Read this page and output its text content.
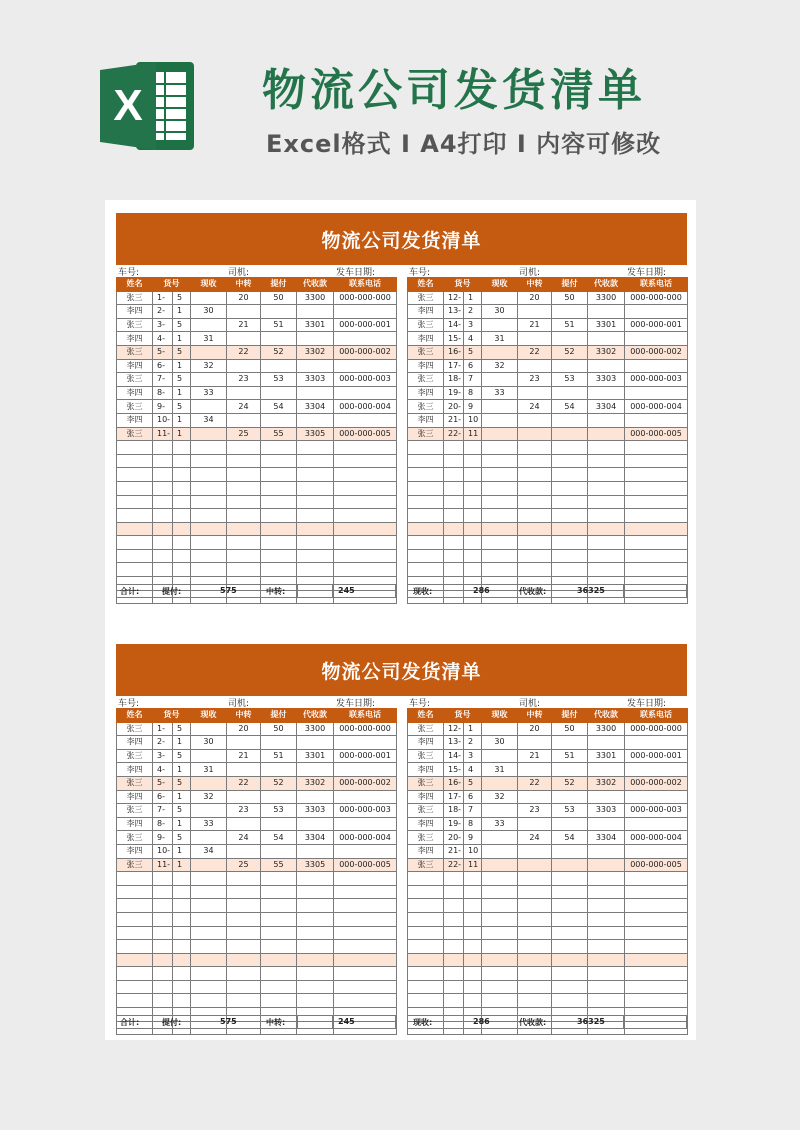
X	物流公司发货清单
Excel格式 I A4打印 I 内容可修改
物流公司发货清单
车号:	司机:	发车日期:
姓名	货号		现收	中转	提付	代收款	联系电话
张三	1-	5		20	50	3300	000-000-000
李四	2-	1	30				
张三	3-	5		21	51	3301	000-000-001
李四	4-	1	31				
张三	5-	5		22	52	3302	000-000-002
李四	6-	1	32				
张三	7-	5		23	53	3303	000-000-003
李四	8-	1	33				
张三	9-	5		24	54	3304	000-000-004
李四	10-	1	34				
张三	11-	1		25	55	3305	000-000-005

合计:	提付:	575	中转:	245
车号:	司机:	发车日期:
姓名	货号		现收	中转	提付	代收款	联系电话
张三	12-	1		20	50	3300	000-000-000
李四	13-	2	30				
张三	14-	3		21	51	3301	000-000-001
李四	15-	4	31				
张三	16-	5		22	52	3302	000-000-002
李四	17-	6	32				
张三	18-	7		23	53	3303	000-000-003
李四	19-	8	33				
张三	20-	9		24	54	3304	000-000-004
李四	21-	10					
张三	22-	11					000-000-005

现收:	286	代收款:	36325
物流公司发货清单
车号:	司机:	发车日期:
姓名	货号		现收	中转	提付	代收款	联系电话
张三	1-	5		20	50	3300	000-000-000
李四	2-	1	30				
张三	3-	5		21	51	3301	000-000-001
李四	4-	1	31				
张三	5-	5		22	52	3302	000-000-002
李四	6-	1	32				
张三	7-	5		23	53	3303	000-000-003
李四	8-	1	33				
张三	9-	5		24	54	3304	000-000-004
李四	10-	1	34				
张三	11-	1		25	55	3305	000-000-005

合计:	提付:	575	中转:	245
车号:	司机:	发车日期:
姓名	货号		现收	中转	提付	代收款	联系电话
张三	12-	1		20	50	3300	000-000-000
李四	13-	2	30				
张三	14-	3		21	51	3301	000-000-001
李四	15-	4	31				
张三	16-	5		22	52	3302	000-000-002
李四	17-	6	32				
张三	18-	7		23	53	3303	000-000-003
李四	19-	8	33				
张三	20-	9		24	54	3304	000-000-004
李四	21-	10					
张三	22-	11					000-000-005

现收:	286	代收款:	36325
